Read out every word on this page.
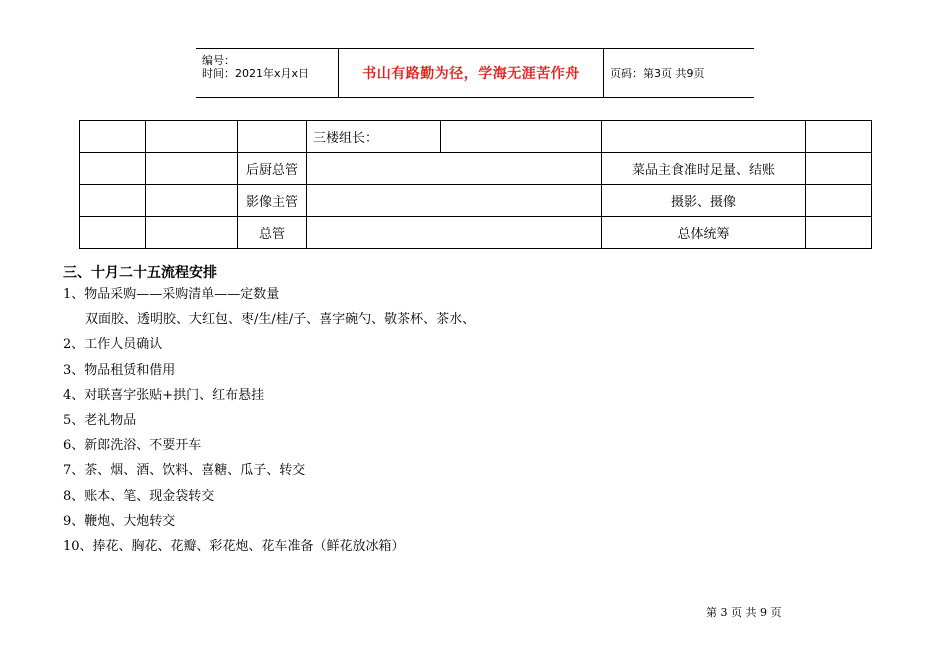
编号：
时间：2021年x月x日	书山有路勤为径，学海无涯苦作舟	页码：第3页 共9页
			三楼组长：			
		后厨总管			菜品主食准时足量、结账	
		影像主管			摄影、摄像	
		总管			总体统筹	
三、十月二十五流程安排
1、物品采购——采购清单——定数量
双面胶、透明胶、大红包、枣/生/桂/子、喜字碗勺、敬茶杯、茶水、
2、工作人员确认
3、物品租赁和借用
4、对联喜字张贴+拱门、红布悬挂
5、老礼物品
6、新郎洗浴、不要开车
7、茶、烟、酒、饮料、喜糖、瓜子、转交
8、账本、笔、现金袋转交
9、鞭炮、大炮转交
10、捧花、胸花、花瓣、彩花炮、花车准备（鲜花放冰箱）
第 3 页 共 9 页
